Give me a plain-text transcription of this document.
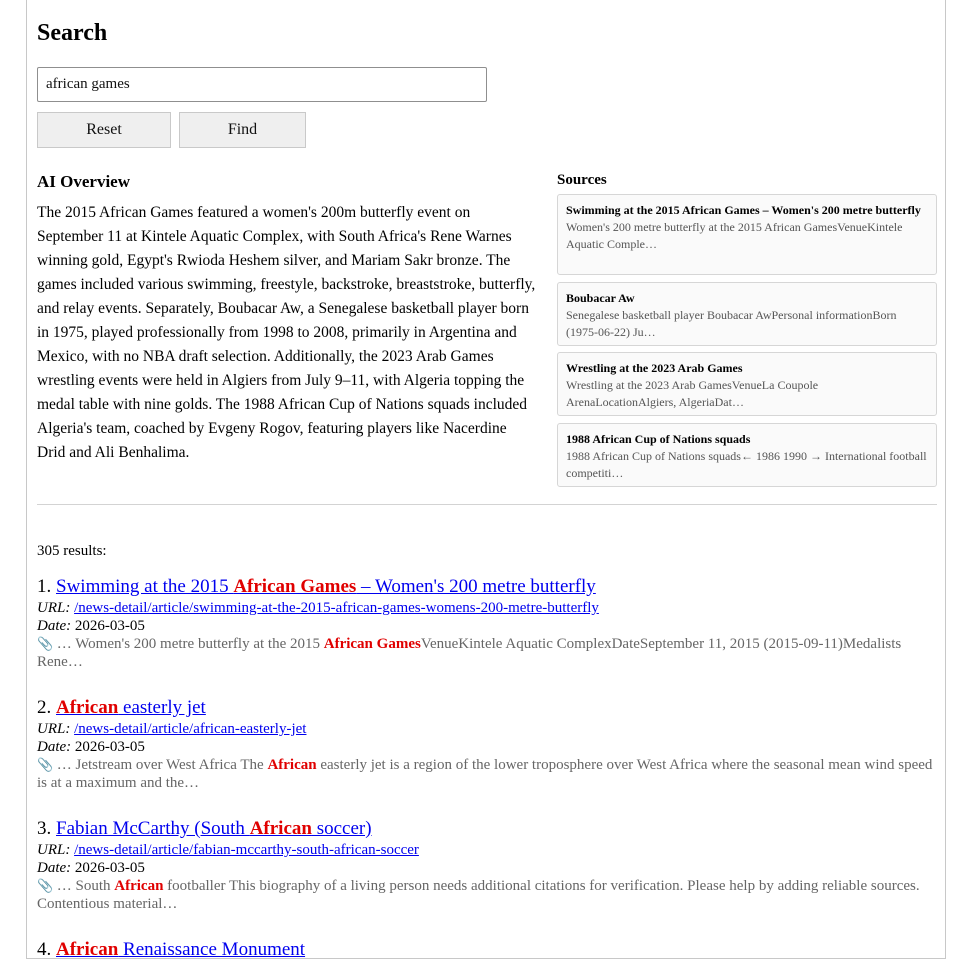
Search
african games
Reset	Find
AI Overview

The 2015 African Games featured a women's 200m butterfly event on September 11 at Kintele Aquatic Complex, with South Africa's Rene Warnes winning gold, Egypt's Rwioda Heshem silver, and Mariam Sakr bronze. The games included various swimming, freestyle, backstroke, breaststroke, butterfly, and relay events. Separately, Boubacar Aw, a Senegalese basketball player born in 1975, played professionally from 1998 to 2008, primarily in Argentina and Mexico, with no NBA draft selection. Additionally, the 2023 Arab Games wrestling events were held in Algiers from July 9–11, with Algeria topping the medal table with nine golds. The 1988 African Cup of Nations squads included Algeria's team, coached by Evgeny Rogov, featuring players like Nacerdine Drid and Ali Benhalima.

Sources
Swimming at the 2015 African Games – Women's 200 metre butterfly
Women's 200 metre butterfly at the 2015 African GamesVenueKintele Aquatic Comple…
Boubacar Aw
Senegalese basketball player Boubacar AwPersonal informationBorn (1975-06-22) Ju…
Wrestling at the 2023 Arab Games
Wrestling at the 2023 Arab GamesVenueLa Coupole ArenaLocationAlgiers, AlgeriaDat…
1988 African Cup of Nations squads
1988 African Cup of Nations squads← 1986 1990 → International football competiti…
305 results:
1. Swimming at the 2015 African Games – Women's 200 metre butterfly
URL: /news-detail/article/swimming-at-the-2015-african-games-womens-200-metre-butterfly
Date: 2026-03-05
📎 … Women's 200 metre butterfly at the 2015 African GamesVenueKintele Aquatic ComplexDateSeptember 11, 2015 (2015-09-11)Medalists Rene…
2. African easterly jet
URL: /news-detail/article/african-easterly-jet
Date: 2026-03-05
📎 … Jetstream over West Africa The African easterly jet is a region of the lower troposphere over West Africa where the seasonal mean wind speed is at a maximum and the…
3. Fabian McCarthy (South African soccer)
URL: /news-detail/article/fabian-mccarthy-south-african-soccer
Date: 2026-03-05
📎 … South African footballer This biography of a living person needs additional citations for verification. Please help by adding reliable sources. Contentious material…
4. African Renaissance Monument
